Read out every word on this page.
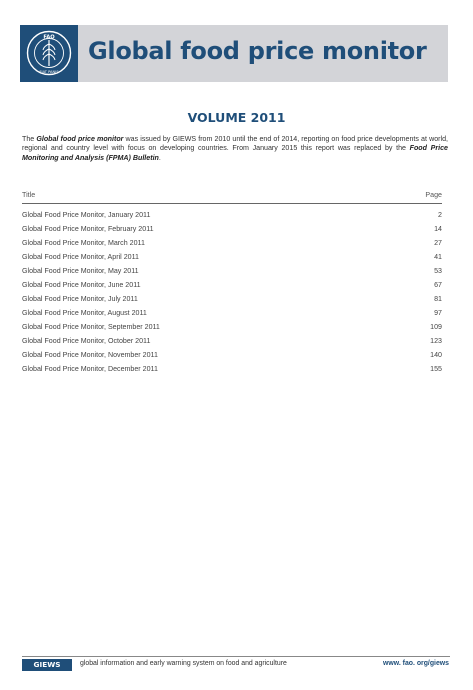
FAO
FIAT PANIS
Global food price monitor
VOLUME 2011
The Global food price monitor was issued by GIEWS from 2010 until the end of 2014, reporting on food price developments at world, regional and country level with focus on developing countries. From January 2015 this report was replaced by the Food Price Monitoring and Analysis (FPMA) Bulletin.
Title	Page
Global Food Price Monitor, January 2011	2
Global Food Price Monitor, February 2011	14
Global Food Price Monitor, March 2011	27
Global Food Price Monitor, April 2011	41
Global Food Price Monitor, May 2011	53
Global Food Price Monitor, June 2011	67
Global Food Price Monitor, July 2011	81
Global Food Price Monitor, August 2011	97
Global Food Price Monitor, September 2011	109
Global Food Price Monitor, October 2011	123
Global Food Price Monitor, November 2011	140
Global Food Price Monitor, December 2011	155
GIEWS	global information and early warning system on food and agriculture	www. fao. org/giews
